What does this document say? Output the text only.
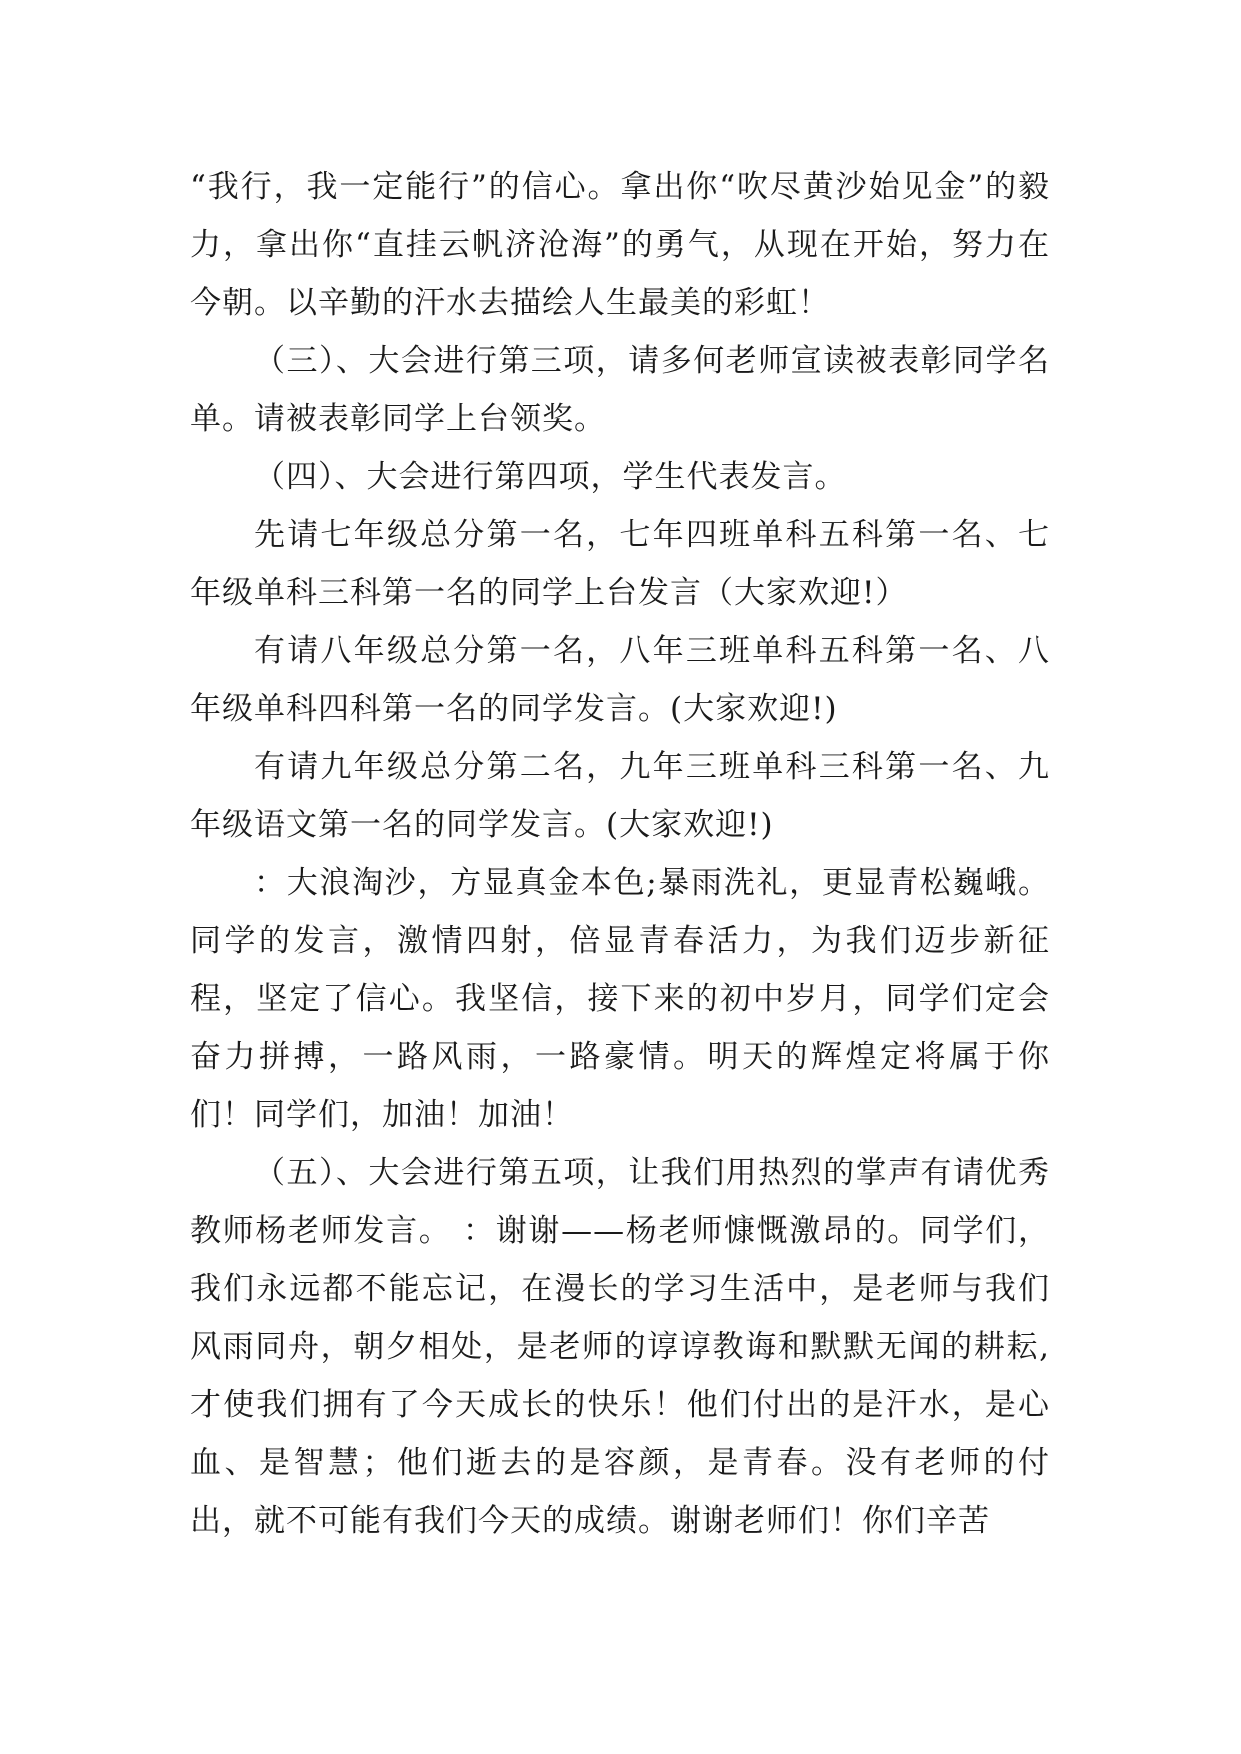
“我行，我一定能行”的信心。拿出你“吹尽黄沙始见金”的毅力，拿出你“直挂云帆济沧海”的勇气，从现在开始，努力在今朝。以辛勤的汗水去描绘人生最美的彩虹！

（三）、大会进行第三项，请多何老师宣读被表彰同学名单。请被表彰同学上台领奖。

（四）、大会进行第四项，学生代表发言。

先请七年级总分第一名，七年四班单科五科第一名、七年级单科三科第一名的同学上台发言（大家欢迎!）

有请八年级总分第一名，八年三班单科五科第一名、八年级单科四科第一名的同学发言。(大家欢迎!)

有请九年级总分第二名，九年三班单科三科第一名、九年级语文第一名的同学发言。(大家欢迎!)

：大浪淘沙，方显真金本色;暴雨洗礼，更显青松巍峨。同学的发言，激情四射，倍显青春活力，为我们迈步新征程，坚定了信心。我坚信，接下来的初中岁月，同学们定会奋力拼搏，一路风雨，一路豪情。明天的辉煌定将属于你们！同学们，加油！加油！

（五）、大会进行第五项，让我们用热烈的掌声有请优秀教师杨老师发言。 ：谢谢——杨老师慷慨激昂的。同学们，我们永远都不能忘记，在漫长的学习生活中，是老师与我们风雨同舟，朝夕相处，是老师的谆谆教诲和默默无闻的耕耘,才使我们拥有了今天成长的快乐！他们付出的是汗水，是心血、是智慧；他们逝去的是容颜，是青春。没有老师的付出，就不可能有我们今天的成绩。谢谢老师们！你们辛苦
